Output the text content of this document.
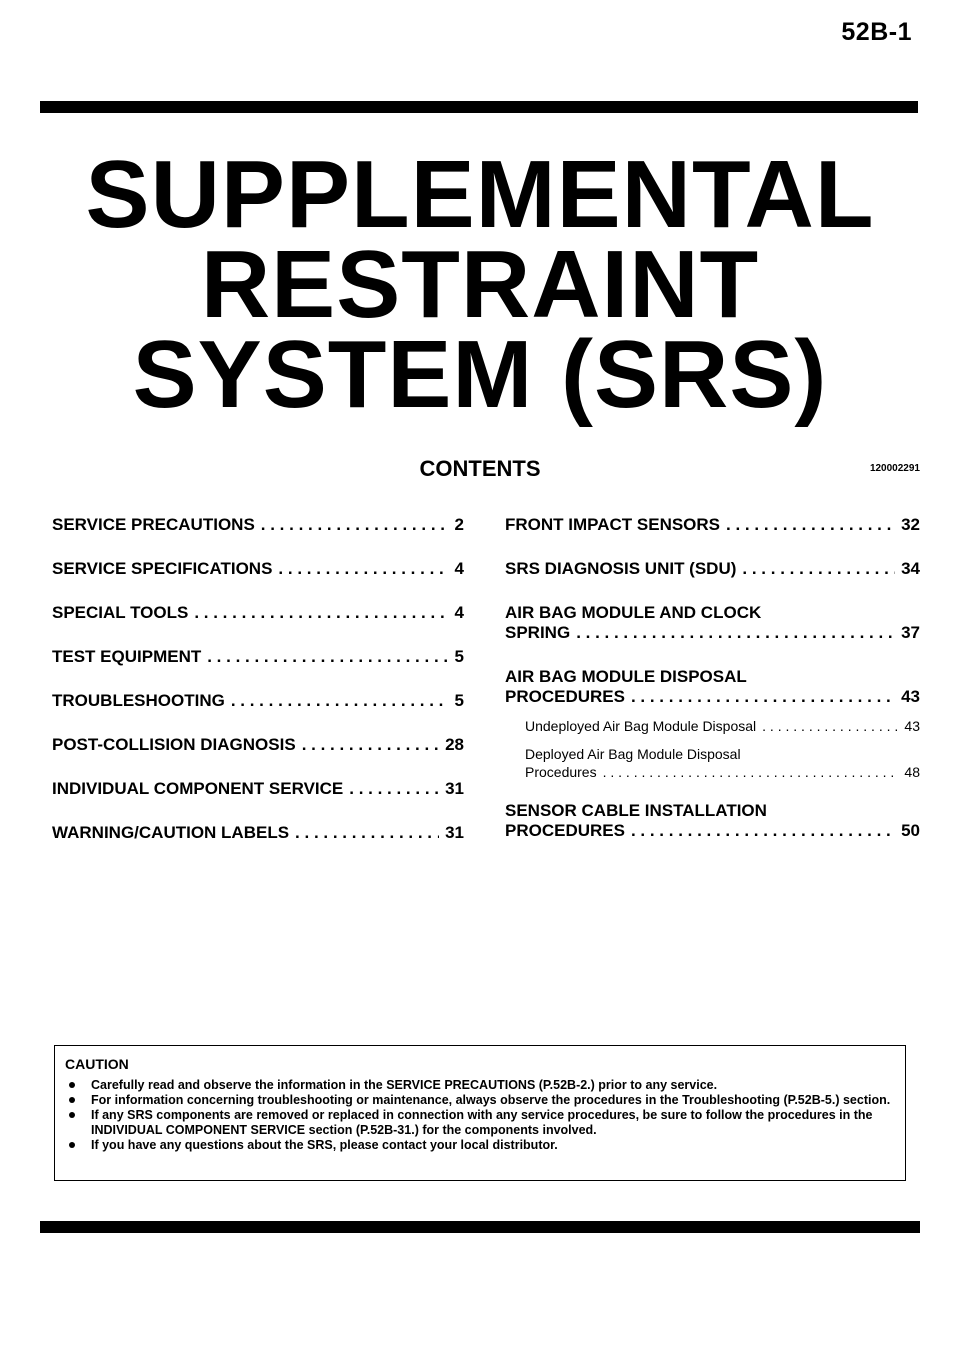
52B-1
SUPPLEMENTAL
RESTRAINT
SYSTEM (SRS)
CONTENTS	120002291
SERVICE PRECAUTIONS . . .	2
SERVICE SPECIFICATIONS . . .	4
SPECIAL TOOLS . . .	4
TEST EQUIPMENT . . .	5
TROUBLESHOOTING . . .	5
POST-COLLISION DIAGNOSIS . . .	28
INDIVIDUAL COMPONENT SERVICE . . .	31
WARNING/CAUTION LABELS . . .	31
FRONT IMPACT SENSORS . . .	32
SRS DIAGNOSIS UNIT (SDU) . . .	34
AIR BAG MODULE AND CLOCK
SPRING . . .	37
AIR BAG MODULE DISPOSAL
PROCEDURES . . .	43
Undeployed Air Bag Module Disposal . . .	43
Deployed Air Bag Module Disposal
Procedures . . .	48
SENSOR CABLE INSTALLATION
PROCEDURES . . .	50
CAUTION
Carefully read and observe the information in the SERVICE PRECAUTIONS (P.52B-2.) prior to any service.
For information concerning troubleshooting or maintenance, always observe the procedures in the Troubleshooting (P.52B-5.) section.
If any SRS components are removed or replaced in connection with any service procedures, be sure to follow the procedures in the INDIVIDUAL COMPONENT SERVICE section (P.52B-31.) for the components involved.
If you have any questions about the SRS, please contact your local distributor.
